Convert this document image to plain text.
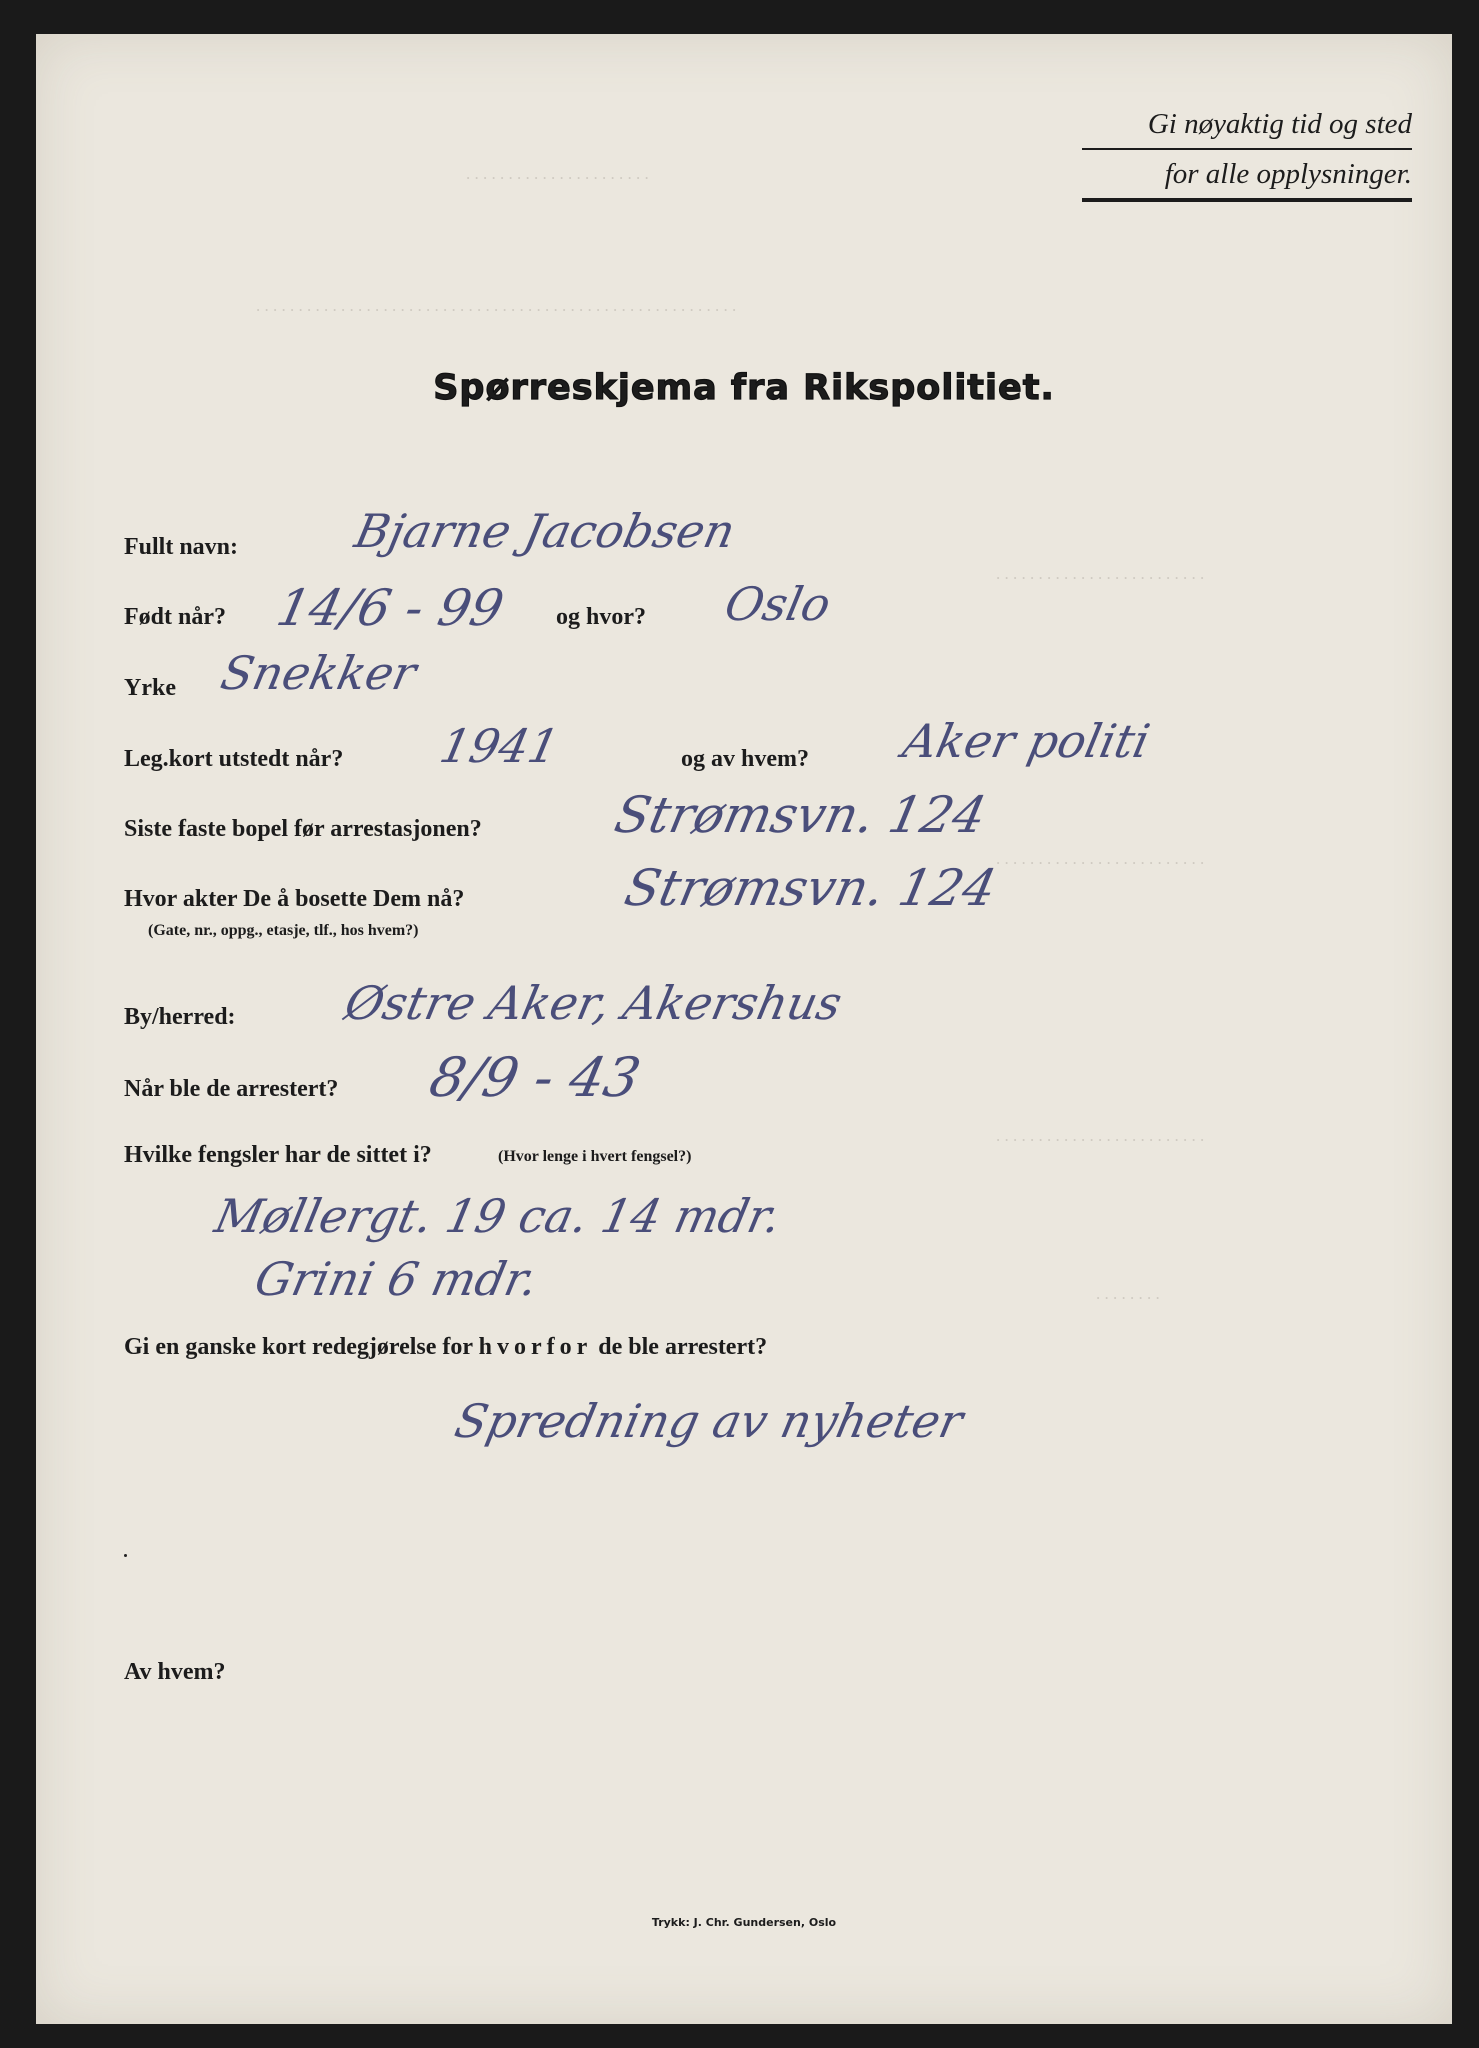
. . . . . . . . . . . . . . . . . . . . . .
. . . . . . . . . . . . . . . . . . . . . . . . . . . . . . . . . . . . . . . . . . . . . . . . . . . . . . . . .
. . . . . . . . . . . . . . . . . . . . . . . . .
. . . . . . . . . . . . . . . . . . . . . . . . .
. . . . . . . . . . . . . . . . . . . . . . . . .
. . . . . . . .
Gi nøyaktig tid og sted
for alle opplysninger.
Spørreskjema fra Rikspolitiet.
Fullt navn: Bjarne Jacobsen
Født når? 14/6 - 99 og hvor? Oslo
Yrke Snekker
Leg.kort utstedt når? 1941	og av hvem? Aker politi
Siste faste bopel før arrestasjonen?	Strømsvn. 124
Hvor akter De å bosette Dem nå?
(Gate, nr., oppg., etasje, tlf., hos hvem?)
Strømsvn. 124
By/herred: Østre Aker, Akershus
Når ble de arrestert? 8/9 - 43
Hvilke fengsler har de sittet i?	(Hvor lenge i hvert fengsel?)
Møllergt. 19 ca. 14 mdr.
Grini 6 mdr.
Gi en ganske kort redegjørelse for hvorfor de ble arrestert?
Spredning av nyheter
Av hvem?
Trykk: J. Chr. Gundersen, Oslo
